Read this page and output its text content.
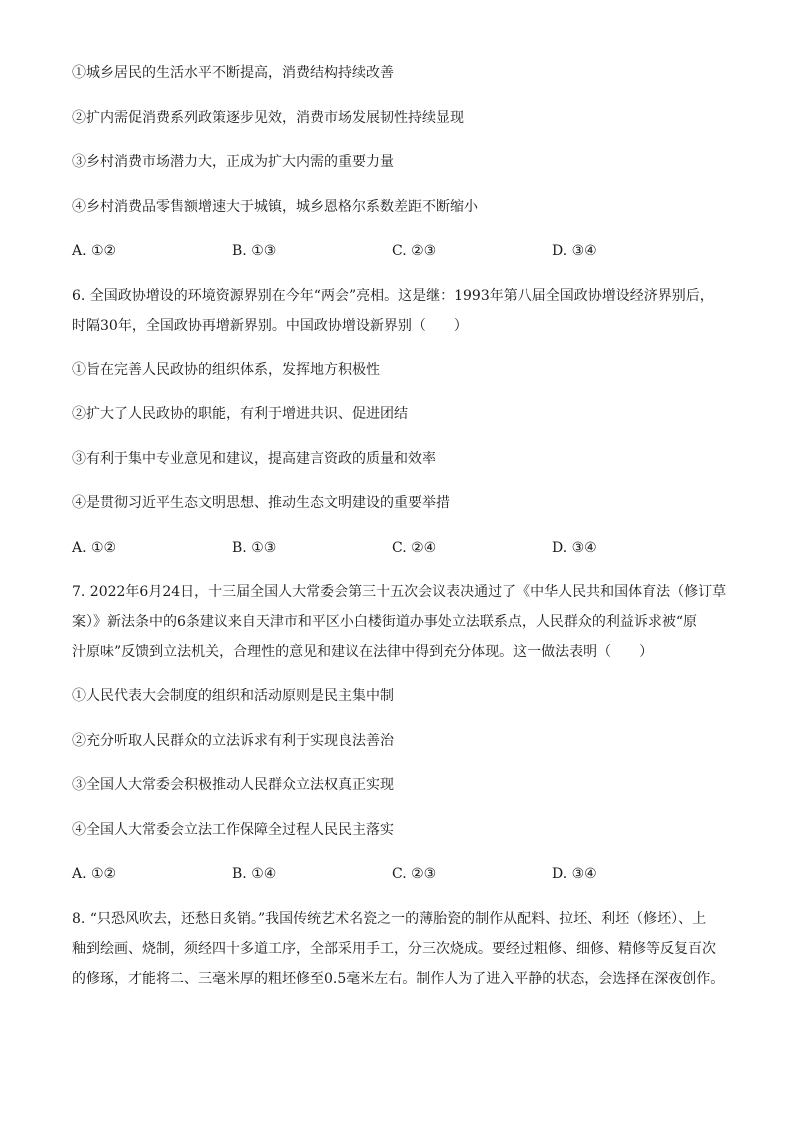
①城乡居民的生活水平不断提高，消费结构持续改善
②扩内需促消费系列政策逐步见效，消费市场发展韧性持续显现
③乡村消费市场潜力大，正成为扩大内需的重要力量
④乡村消费品零售额增速大于城镇，城乡恩格尔系数差距不断缩小
A. ①②	B. ①③	C. ②③	D. ③④
6. 全国政协增设的环境资源界别在今年“两会”亮相。这是继：1993年第八届全国政协增设经济界别后，
时隔30年，全国政协再增新界别。中国政协增设新界别（　　）
①旨在完善人民政协的组织体系，发挥地方积极性
②扩大了人民政协的职能，有利于增进共识、促进团结
③有利于集中专业意见和建议，提高建言资政的质量和效率
④是贯彻习近平生态文明思想、推动生态文明建设的重要举措
A. ①②	B. ①③	C. ②④	D. ③④
7. 2022年6月24日，十三届全国人大常委会第三十五次会议表决通过了《中华人民共和国体育法（修订草
案）》新法条中的6条建议来自天津市和平区小白楼街道办事处立法联系点，人民群众的利益诉求被“原
汁原味”反馈到立法机关，合理性的意见和建议在法律中得到充分体现。这一做法表明（　　）
①人民代表大会制度的组织和活动原则是民主集中制
②充分听取人民群众的立法诉求有利于实现良法善治
③全国人大常委会积极推动人民群众立法权真正实现
④全国人大常委会立法工作保障全过程人民民主落实
A. ①②	B. ①④	C. ②③	D. ③④
8. “只恐风吹去，还愁日炙销。”我国传统艺术名瓷之一的薄胎瓷的制作从配料、拉坯、利坯（修坯）、上
釉到绘画、烧制，须经四十多道工序，全部采用手工，分三次烧成。要经过粗修、细修、精修等反复百次
的修琢，才能将二、三毫米厚的粗坯修至0.5毫米左右。制作人为了进入平静的状态，会选择在深夜创作。
